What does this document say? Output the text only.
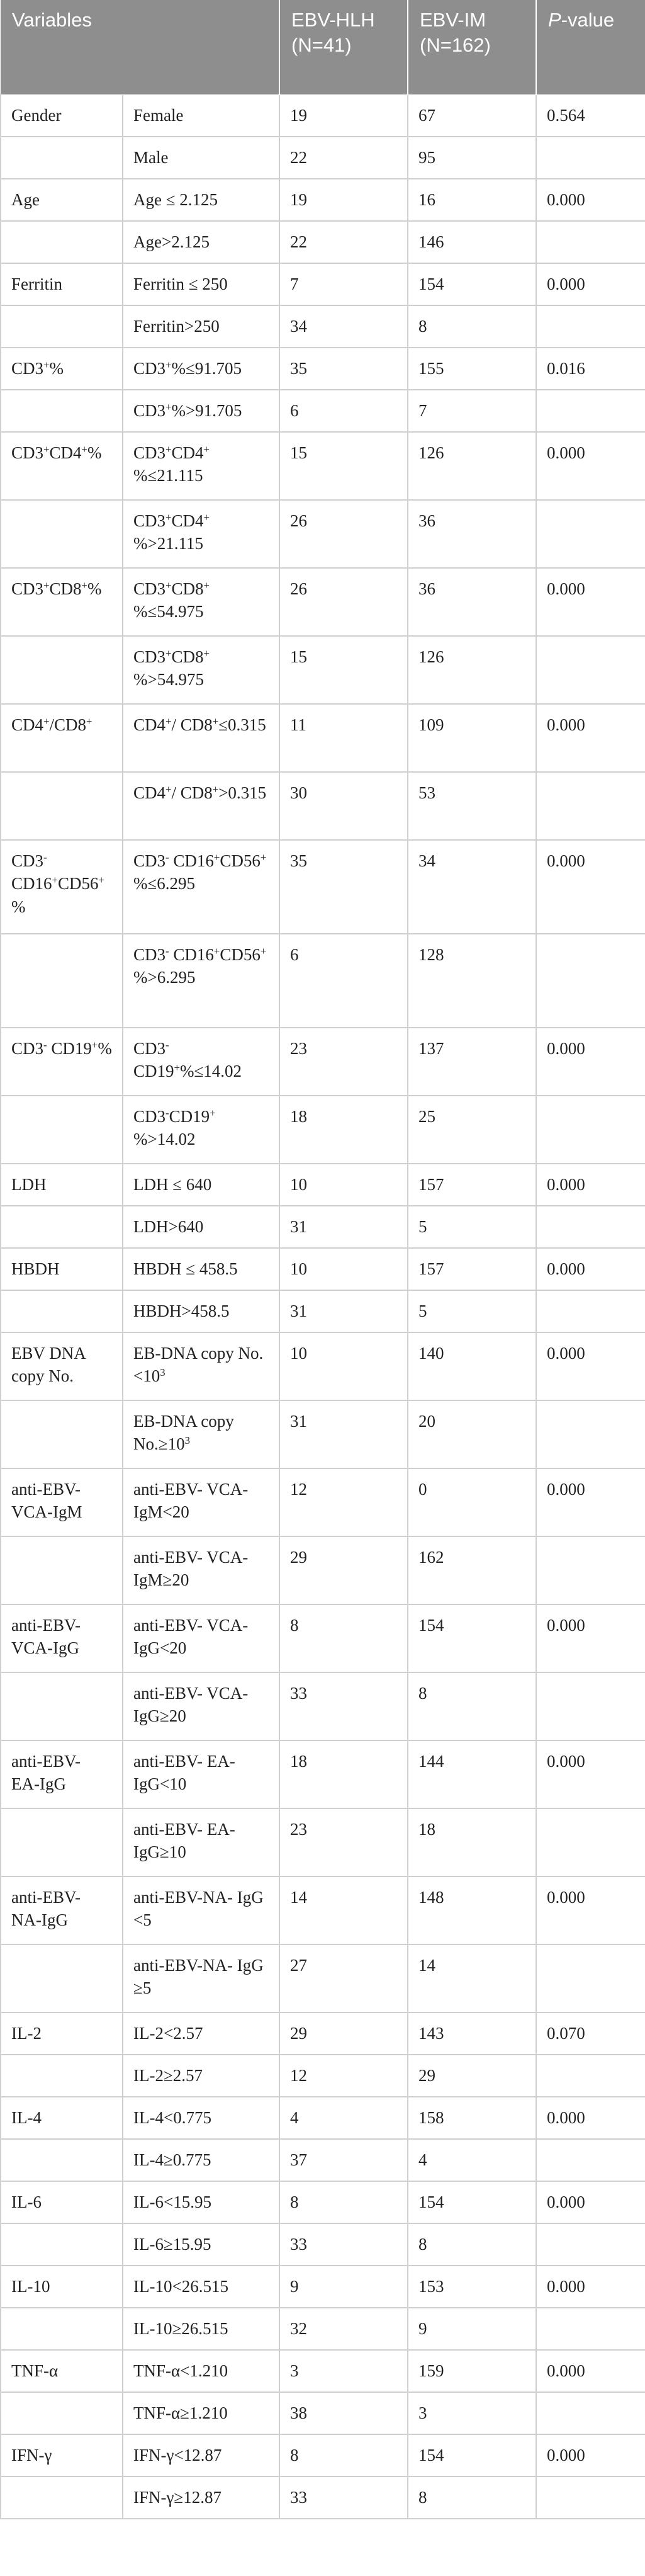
Variables		EBV-HLH (N=41)	EBV-IM (N=162)	P-value
Gender	Female	19	67	0.564
	Male	22	95	
Age	Age ≤ 2.125	19	16	0.000
	Age>2.125	22	146	
Ferritin	Ferritin ≤ 250	7	154	0.000
	Ferritin>250	34	8	
CD3+%	CD3+%≤91.705	35	155	0.016
	CD3+%>91.705	6	7	
CD3+CD4+%	CD3+CD4+ %≤21.115	15	126	0.000
	CD3+CD4+ %>21.115	26	36	
CD3+CD8+%	CD3+CD8+ %≤54.975	26	36	0.000
	CD3+CD8+ %>54.975	15	126	
CD4+/CD8+	CD4+/ CD8+≤0.315	11	109	0.000
	CD4+/ CD8+>0.315	30	53	
CD3- CD16+CD56+ %	CD3- CD16+CD56+ %≤6.295	35	34	0.000
	CD3- CD16+CD56+ %>6.295	6	128	
CD3- CD19+%	CD3- CD19+%≤14.02	23	137	0.000
	CD3-CD19+ %>14.02	18	25	
LDH	LDH ≤ 640	10	157	0.000
	LDH>640	31	5	
HBDH	HBDH ≤ 458.5	10	157	0.000
	HBDH>458.5	31	5	
EBV DNA copy No.	EB-DNA copy $No.<10^3$	10	140	0.000
	EB-DNA copy $No.\ge 10^3$	31	20	
anti-EBV- VCA-IgM	anti-EBV- VCA-IgM<20	12	0	0.000
	anti-EBV- VCA-IgM≥20	29	162	
anti-EBV- VCA-IgG	anti-EBV- VCA-IgG<20	8	154	0.000
	anti-EBV- VCA-IgG≥20	33	8	
anti-EBV- EA-IgG	anti-EBV- EA-IgG<10	18	144	0.000
	anti-EBV- EA-IgG≥10	23	18	
anti-EBV- NA-IgG	anti-EBV-NA- IgG <5	14	148	0.000
	anti-EBV-NA- IgG ≥5	27	14	
IL-2	IL-2<2.57	29	143	0.070
	IL-2≥2.57	12	29	
IL-4	IL-4<0.775	4	158	0.000
	IL-4≥0.775	37	4	
IL-6	IL-6<15.95	8	154	0.000
	IL-6≥15.95	33	8	
IL-10	IL-10<26.515	9	153	0.000
	IL-10≥26.515	32	9	
TNF-α	TNF-α<1.210	3	159	0.000
	TNF-α≥1.210	38	3	
IFN-γ	IFN-γ<12.87	8	154	0.000
	IFN-γ≥12.87	33	8	
